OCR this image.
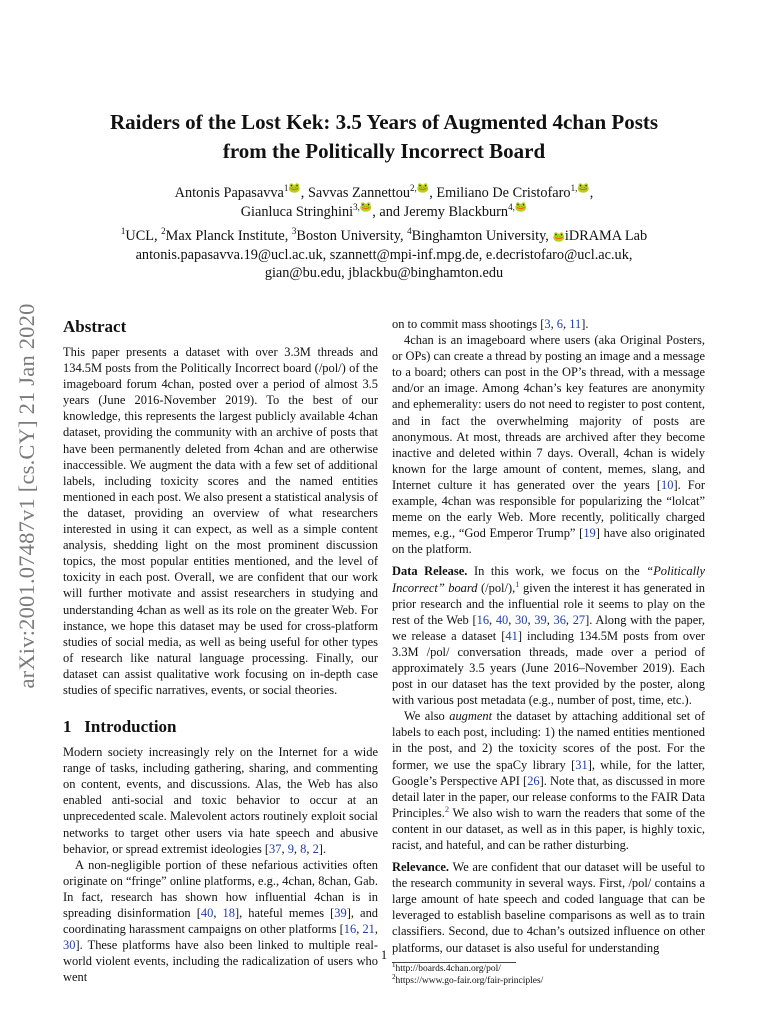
arXiv:2001.07487v1 [cs.CY] 21 Jan 2020
Raiders of the Lost Kek: 3.5 Years of Augmented 4chan Posts
from the Politically Incorrect Board
Antonis Papasavva$^{1🐸}$, Savvas Zannettou$^{2,🐸}$, Emiliano De Cristofaro$^{1,🐸}$,
Gianluca Stringhini$^{3,🐸}$, and Jeremy Blackburn$^{4,🐸}$
$^1$UCL, $^2$Max Planck Institute, $^3$Boston University, $^4$Binghamton University, 🐸iDRAMA Lab
antonis.papasavva.19@ucl.ac.uk, szannett@mpi-inf.mpg.de, e.decristofaro@ucl.ac.uk,
gian@bu.edu, jblackbu@binghamton.edu
Abstract

This paper presents a dataset with over 3.3M threads and 134.5M posts from the Politically Incorrect board (/pol/) of the imageboard forum 4chan, posted over a period of almost 3.5 years (June 2016-November 2019). To the best of our knowledge, this represents the largest publicly available 4chan dataset, providing the community with an archive of posts that have been permanently deleted from 4chan and are otherwise inaccessible. We augment the data with a few set of additional labels, including toxicity scores and the named entities mentioned in each post. We also present a statistical analysis of the dataset, providing an overview of what researchers interested in using it can expect, as well as a simple content analysis, shedding light on the most prominent discussion topics, the most popular entities mentioned, and the level of toxicity in each post. Overall, we are confident that our work will further motivate and assist researchers in studying and understanding 4chan as well as its role on the greater Web. For instance, we hope this dataset may be used for cross-platform studies of social media, as well as being useful for other types of research like natural language processing. Finally, our dataset can assist qualitative work focusing on in-depth case studies of specific narratives, events, or social theories.

1 Introduction

Modern society increasingly rely on the Internet for a wide range of tasks, including gathering, sharing, and commenting on content, events, and discussions. Alas, the Web has also enabled anti-social and toxic behavior to occur at an unprecedented scale. Malevolent actors routinely exploit social networks to target other users via hate speech and abusive behavior, or spread extremist ideologies [37, 9, 8, 2].

A non-negligible portion of these nefarious activities often originate on “fringe” online platforms, e.g., 4chan, 8chan, Gab. In fact, research has shown how influential 4chan is in spreading disinformation [40, 18], hateful memes [39], and coordinating harassment campaigns on other platforms [16, 21, 30]. These platforms have also been linked to multiple real-world violent events, including the radicalization of users who went

on to commit mass shootings [3, 6, 11].

4chan is an imageboard where users (aka Original Posters, or OPs) can create a thread by posting an image and a message to a board; others can post in the OP’s thread, with a message and/or an image. Among 4chan’s key features are anonymity and ephemerality: users do not need to register to post content, and in fact the overwhelming majority of posts are anonymous. At most, threads are archived after they become inactive and deleted within 7 days. Overall, 4chan is widely known for the large amount of content, memes, slang, and Internet culture it has generated over the years [10]. For example, 4chan was responsible for popularizing the “lolcat” meme on the early Web. More recently, politically charged memes, e.g., “God Emperor Trump” [19] have also originated on the platform.

Data Release. In this work, we focus on the “Politically Incorrect” board (/pol/),$^1$ given the interest it has generated in prior research and the influential role it seems to play on the rest of the Web [16, 40, 30, 39, 36, 27]. Along with the paper, we release a dataset [41] including 134.5M posts from over 3.3M /pol/ conversation threads, made over a period of approximately 3.5 years (June 2016–November 2019). Each post in our dataset has the text provided by the poster, along with various post metadata (e.g., number of post, time, etc.).

We also augment the dataset by attaching additional set of labels to each post, including: 1) the named entities mentioned in the post, and 2) the toxicity scores of the post. For the former, we use the spaCy library [31], while, for the latter, Google’s Perspective API [26]. Note that, as discussed in more detail later in the paper, our release conforms to the FAIR Data Principles.$^2$ We also wish to warn the readers that some of the content in our dataset, as well as in this paper, is highly toxic, racist, and hateful, and can be rather disturbing.

Relevance. We are confident that our dataset will be useful to the research community in several ways. First, /pol/ contains a large amount of hate speech and coded language that can be leveraged to establish baseline comparisons as well as to train classifiers. Second, due to 4chan’s outsized influence on other platforms, our dataset is also useful for understanding

$^1$http://boards.4chan.org/pol/
$^2$https://www.go-fair.org/fair-principles/
1
